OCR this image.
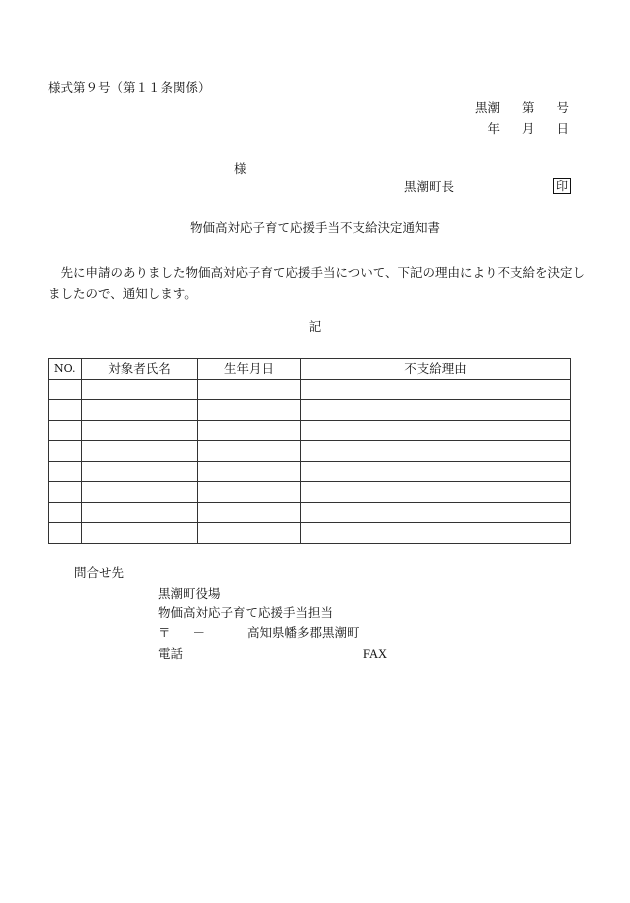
様式第９号（第１１条関係）
黒潮 第 号
年 月 日
様
黒潮町長	印
物価高対応子育て応援手当不支給決定通知書
先に申請のありました物価高対応子育て応援手当について、下記の理由により不支給を決定しましたので、通知します。
記
NO.	対象者氏名	生年月日	不支給理由

問合せ先
黒潮町役場
物価高対応子育て応援手当担当
〒 －	高知県幡多郡黒潮町
電話	FAX
